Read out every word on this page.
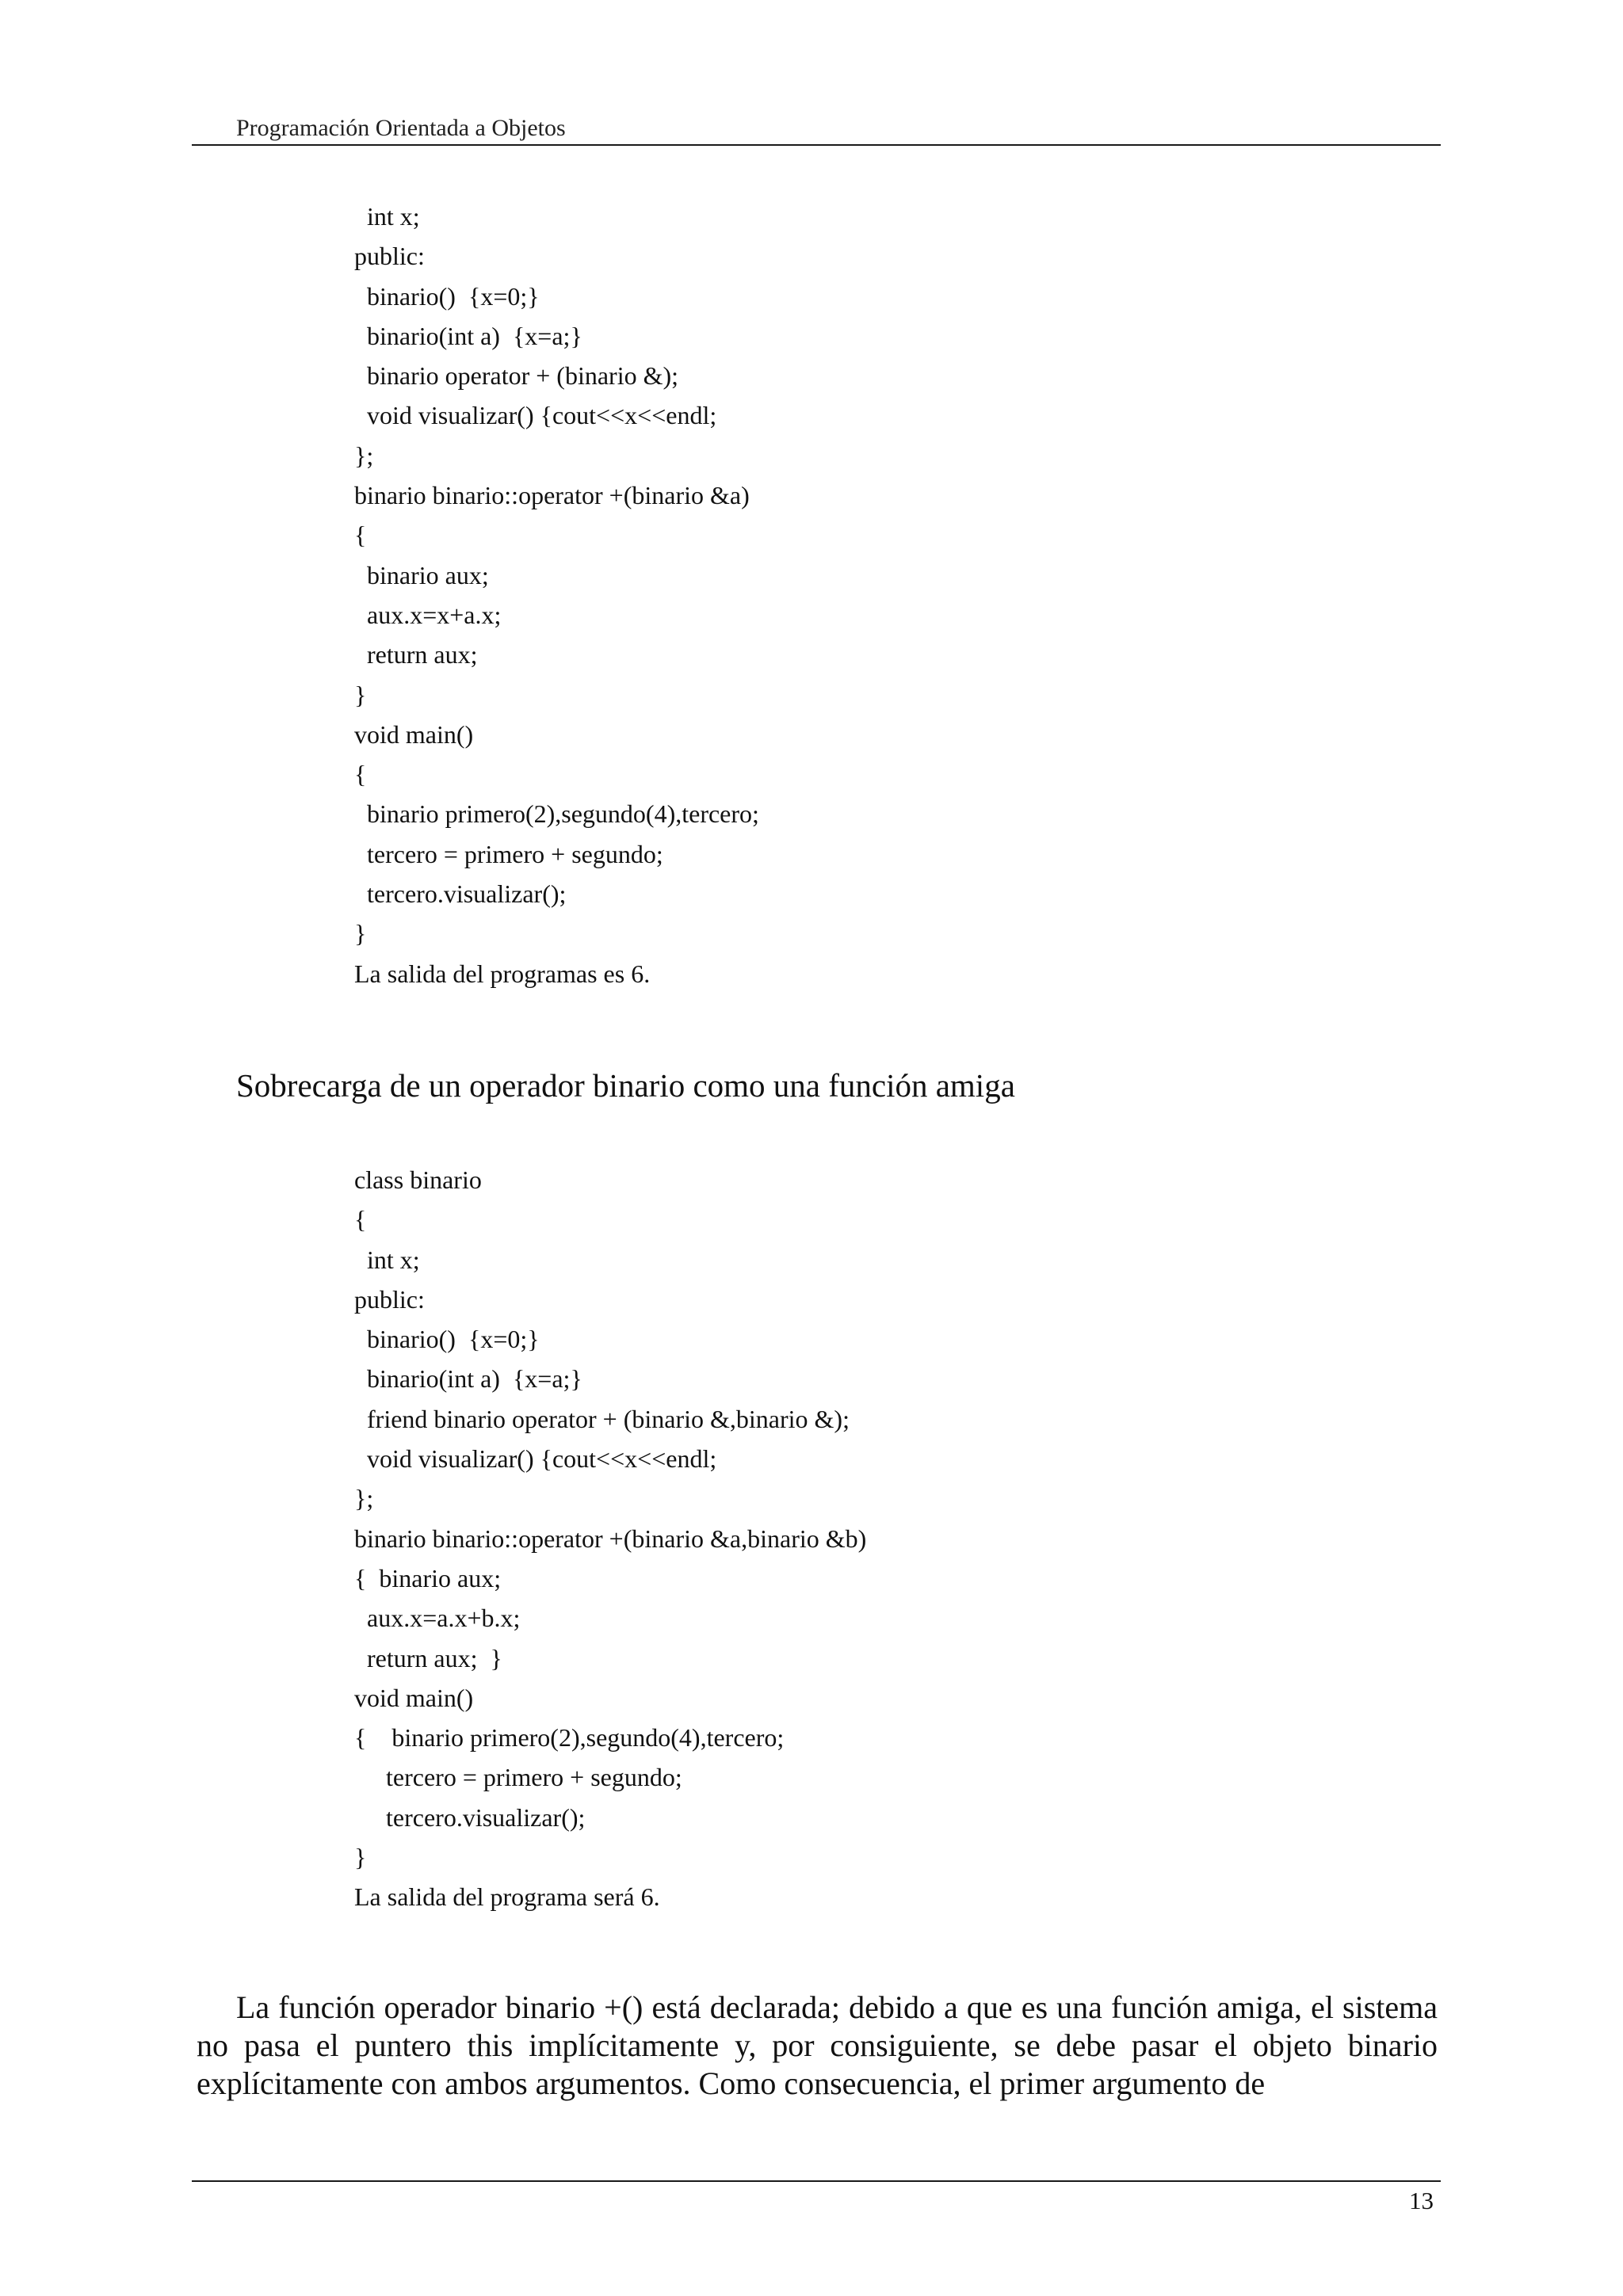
Programación Orientada a Objetos
int x;
public:
binario()  {x=0;}
binario(int a)  {x=a;}
binario operator + (binario &);
void visualizar() {cout<<x<<endl;
};
binario binario::operator +(binario &a)
{
binario aux;
aux.x=x+a.x;
return aux;
}
void main()
{
binario primero(2),segundo(4),tercero;
tercero = primero + segundo;
tercero.visualizar();
}
La salida del programas es 6.
Sobrecarga de un operador binario como una función amiga
class binario
{
int x;
public:
binario()  {x=0;}
binario(int a)  {x=a;}
friend binario operator + (binario &,binario &);
void visualizar() {cout<<x<<endl;
};
binario binario::operator +(binario &a,binario &b)
{  binario aux;
aux.x=a.x+b.x;
return aux;  }
void main()
{    binario primero(2),segundo(4),tercero;
tercero = primero + segundo;
tercero.visualizar();
}
La salida del programa será 6.
La función operador binario +() está declarada; debido a que es una función amiga, el sistema no pasa el puntero this implícitamente y, por consiguiente, se debe pasar el objeto binario explícitamente con ambos argumentos. Como consecuencia, el primer argumento de
13
